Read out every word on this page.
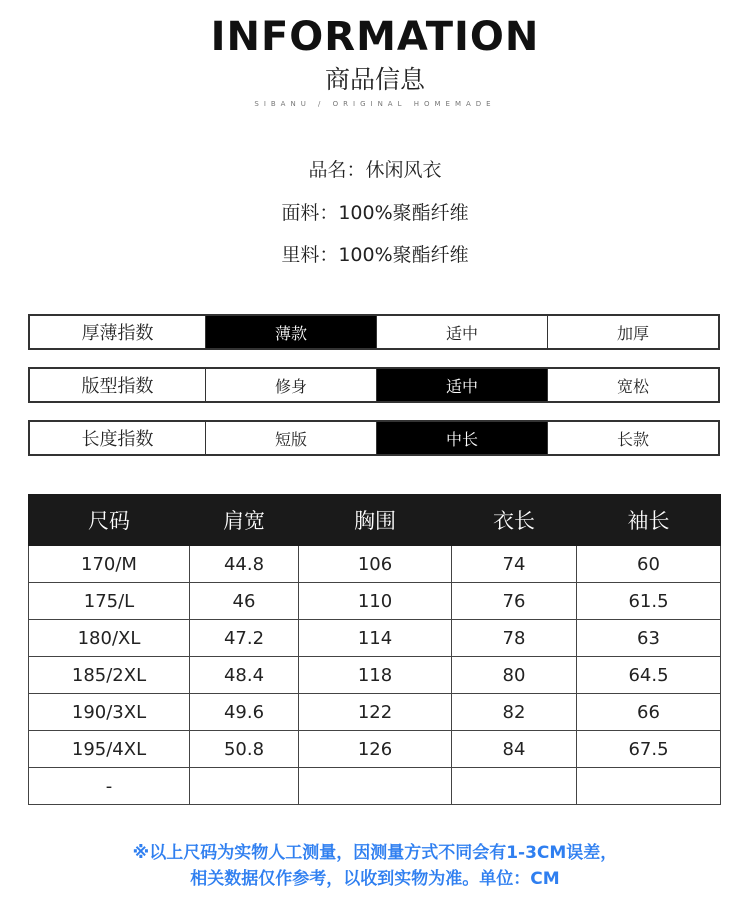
INFORMATION
商品信息
SIBANU / ORIGINAL HOMEMADE
品名：休闲风衣
面料：100%聚酯纤维
里料：100%聚酯纤维
厚薄指数	薄款	适中	加厚
版型指数	修身	适中	宽松
长度指数	短版	中长	长款
尺码	肩宽	胸围	衣长	袖长
170/M	44.8	106	74	60
175/L	46	110	76	61.5
180/XL	47.2	114	78	63
185/2XL	48.4	118	80	64.5
190/3XL	49.6	122	82	66
195/4XL	50.8	126	84	67.5
-				
※以上尺码为实物人工测量，因测量方式不同会有1-3CM误差，
相关数据仅作参考，以收到实物为准。单位：CM
